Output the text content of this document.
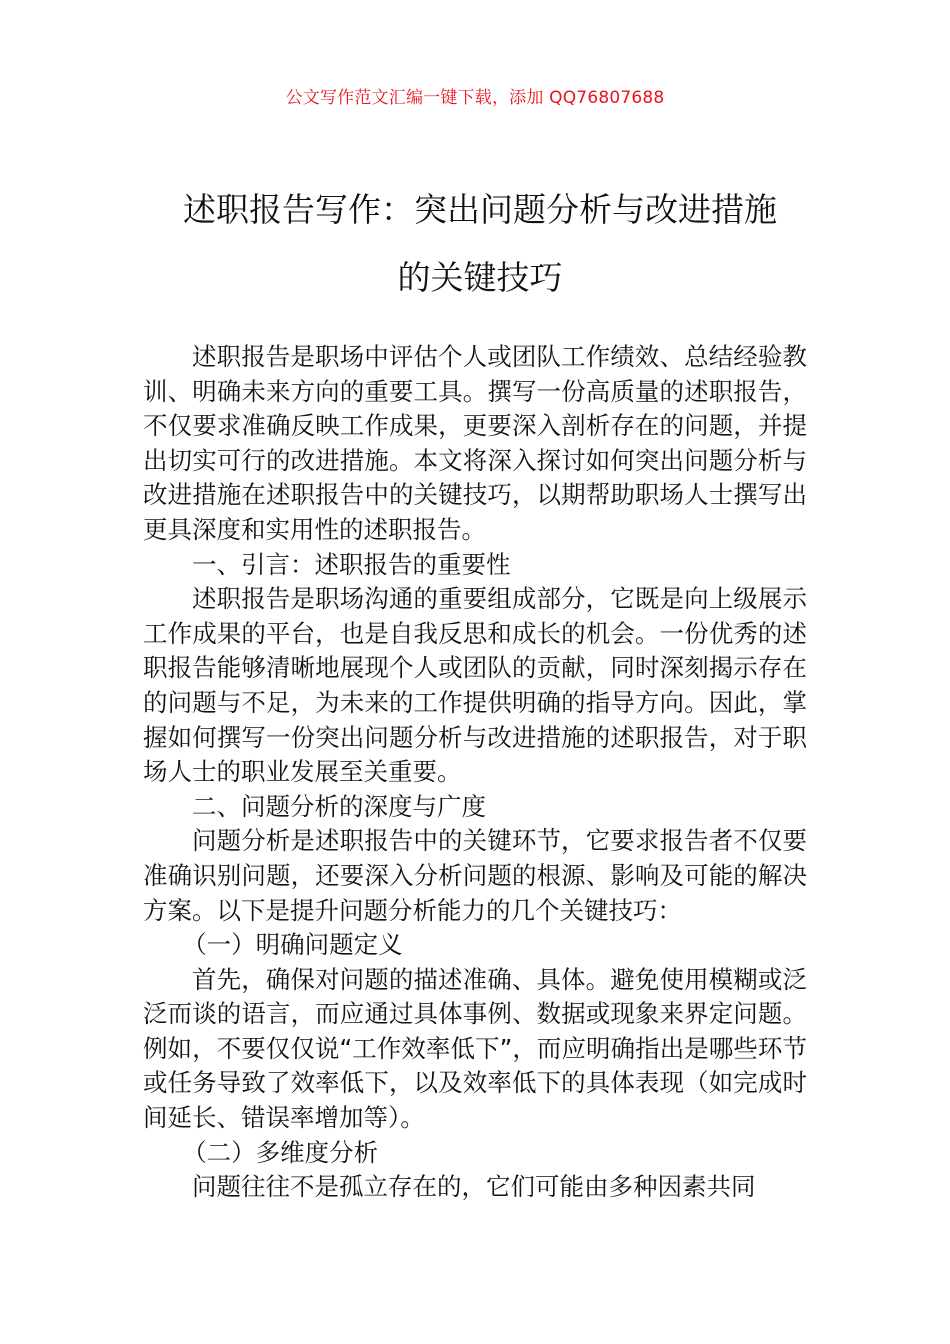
公文写作范文汇编一键下载，添加 QQ76807688
述职报告写作：突出问题分析与改进措施
的关键技巧

述职报告是职场中评估个人或团队工作绩效、总结经验教训、明确未来方向的重要工具。撰写一份高质量的述职报告，不仅要求准确反映工作成果，更要深入剖析存在的问题，并提出切实可行的改进措施。本文将深入探讨如何突出问题分析与改进措施在述职报告中的关键技巧，以期帮助职场人士撰写出更具深度和实用性的述职报告。

一、引言：述职报告的重要性

述职报告是职场沟通的重要组成部分，它既是向上级展示工作成果的平台，也是自我反思和成长的机会。一份优秀的述职报告能够清晰地展现个人或团队的贡献，同时深刻揭示存在的问题与不足，为未来的工作提供明确的指导方向。因此，掌握如何撰写一份突出问题分析与改进措施的述职报告，对于职场人士的职业发展至关重要。

二、问题分析的深度与广度

问题分析是述职报告中的关键环节，它要求报告者不仅要准确识别问题，还要深入分析问题的根源、影响及可能的解决方案。以下是提升问题分析能力的几个关键技巧：

（一）明确问题定义

首先，确保对问题的描述准确、具体。避免使用模糊或泛泛而谈的语言，而应通过具体事例、数据或现象来界定问题。例如，不要仅仅说“工作效率低下”，而应明确指出是哪些环节或任务导致了效率低下，以及效率低下的具体表现（如完成时间延长、错误率增加等）。

（二）多维度分析

问题往往不是孤立存在的，它们可能由多种因素共同
